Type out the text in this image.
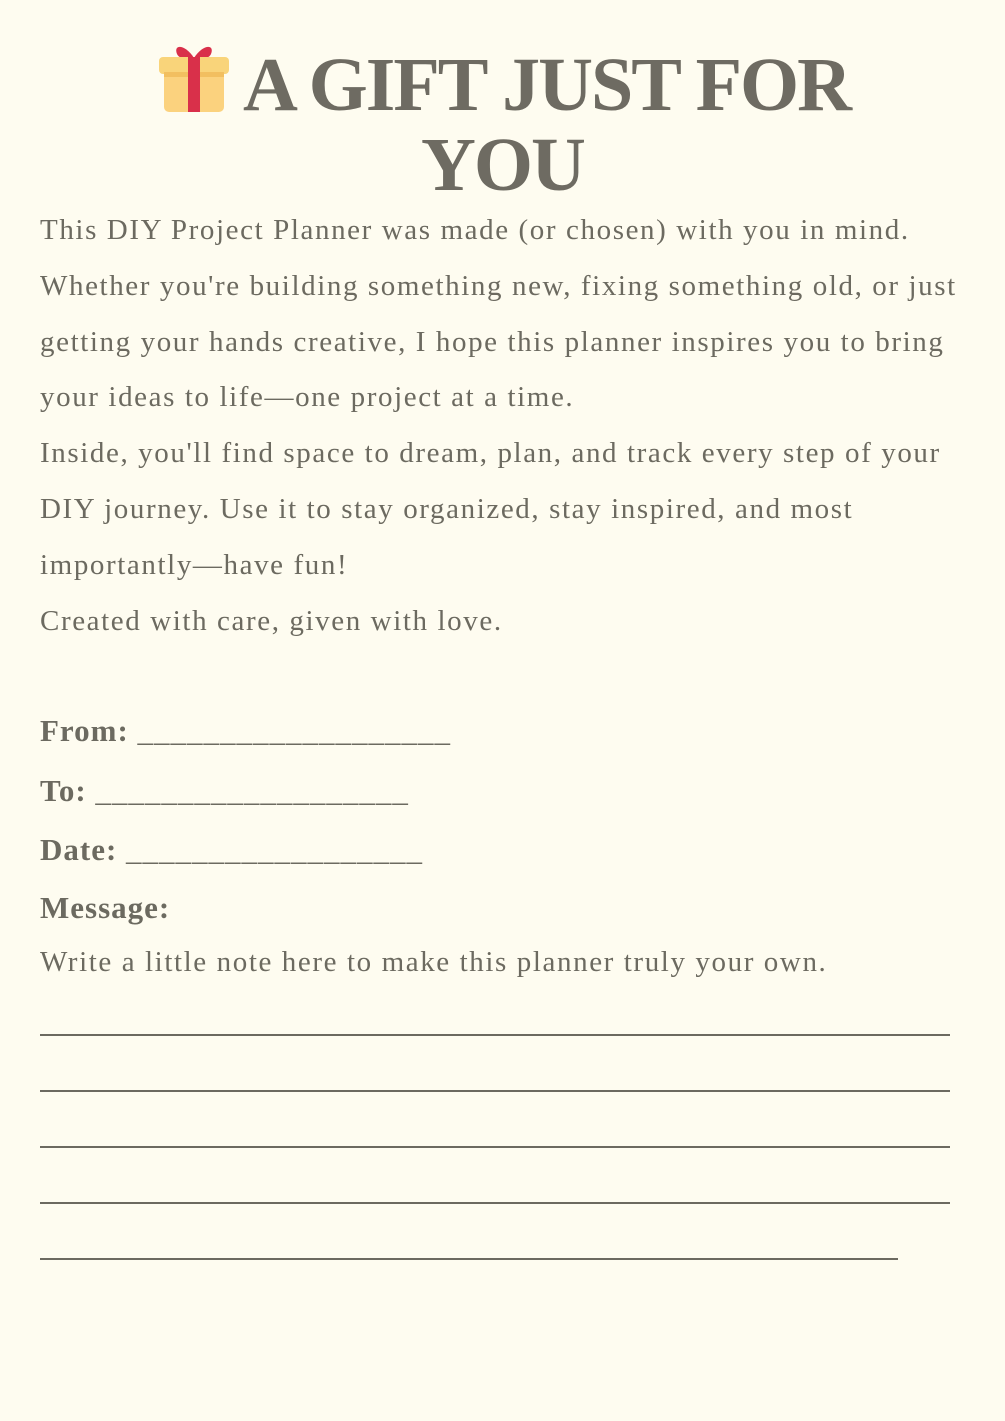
A GIFT JUST FOR YOU

This DIY Project Planner was made (or chosen) with you in mind. Whether you're building something new, fixing something old, or just getting your hands creative, I hope this planner inspires you to bring your ideas to life—one project at a time.

Inside, you'll find space to dream, plan, and track every step of your DIY journey. Use it to stay organized, stay inspired, and most importantly—have fun!

Created with care, given with love.

From: ___________________
To: ___________________
Date: __________________
Message:
Write a little note here to make this planner truly your own.
